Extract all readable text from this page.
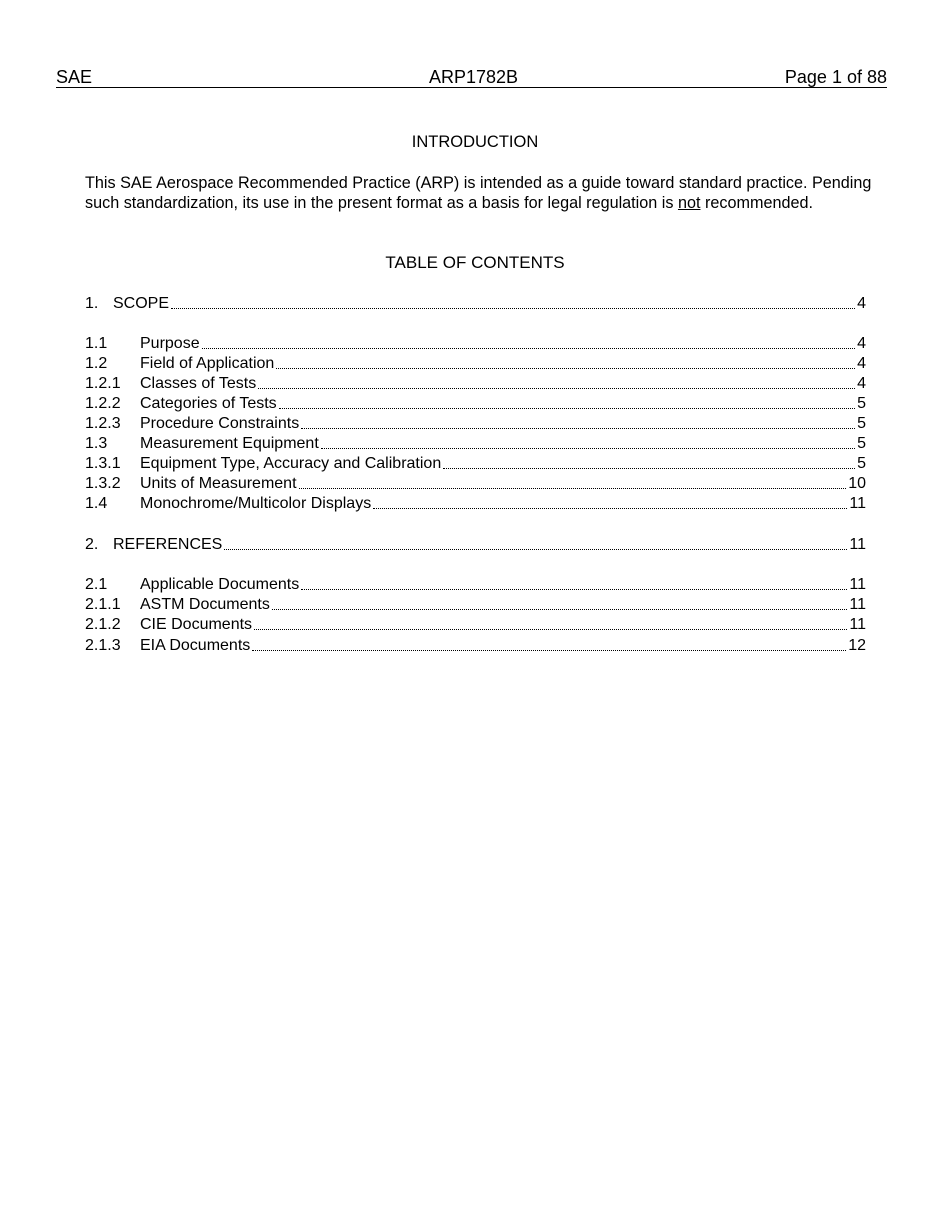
SAE	ARP1782B	Page 1 of 88
INTRODUCTION
This SAE Aerospace Recommended Practice (ARP) is intended as a guide toward standard practice. Pending such standardization, its use in the present format as a basis for legal regulation is not recommended.
TABLE OF CONTENTS
1. SCOPE	4
1.1	Purpose	4
1.2	Field of Application	4
1.2.1	Classes of Tests	4
1.2.2	Categories of Tests	5
1.2.3	Procedure Constraints	5
1.3	Measurement Equipment	5
1.3.1	Equipment Type, Accuracy and Calibration	5
1.3.2	Units of Measurement	10
1.4	Monochrome/Multicolor Displays	11
2. REFERENCES	11
2.1	Applicable Documents	11
2.1.1	ASTM Documents	11
2.1.2	CIE Documents	11
2.1.3	EIA Documents	12
